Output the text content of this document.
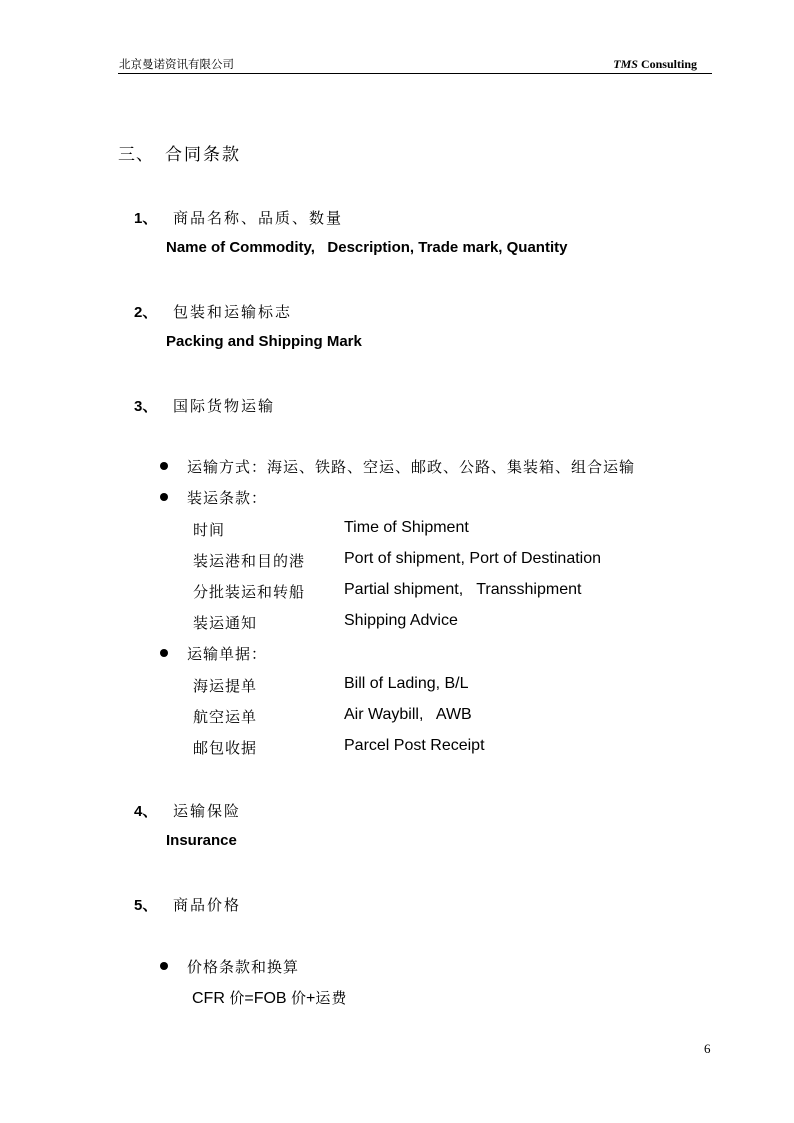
北京曼诺资讯有限公司	TMS Consulting
三、 合同条款
1、 商品名称、品质、数量
Name of Commodity,   Description, Trade mark, Quantity
2、 包装和运输标志
Packing and Shipping Mark
3、 国际货物运输
运输方式：海运、铁路、空运、邮政、公路、集装箱、组合运输
装运条款：
时间	Time of Shipment
装运港和目的港 Port of shipment, Port of Destination
分批装运和转船 Partial shipment,   Transshipment
装运通知	Shipping Advice
运输单据：
海运提单	Bill of Lading, B/L
航空运单	Air Waybill,   AWB
邮包收据	Parcel Post Receipt
4、 运输保险
Insurance
5、 商品价格
价格条款和换算
CFR 价=FOB 价+运费
6
